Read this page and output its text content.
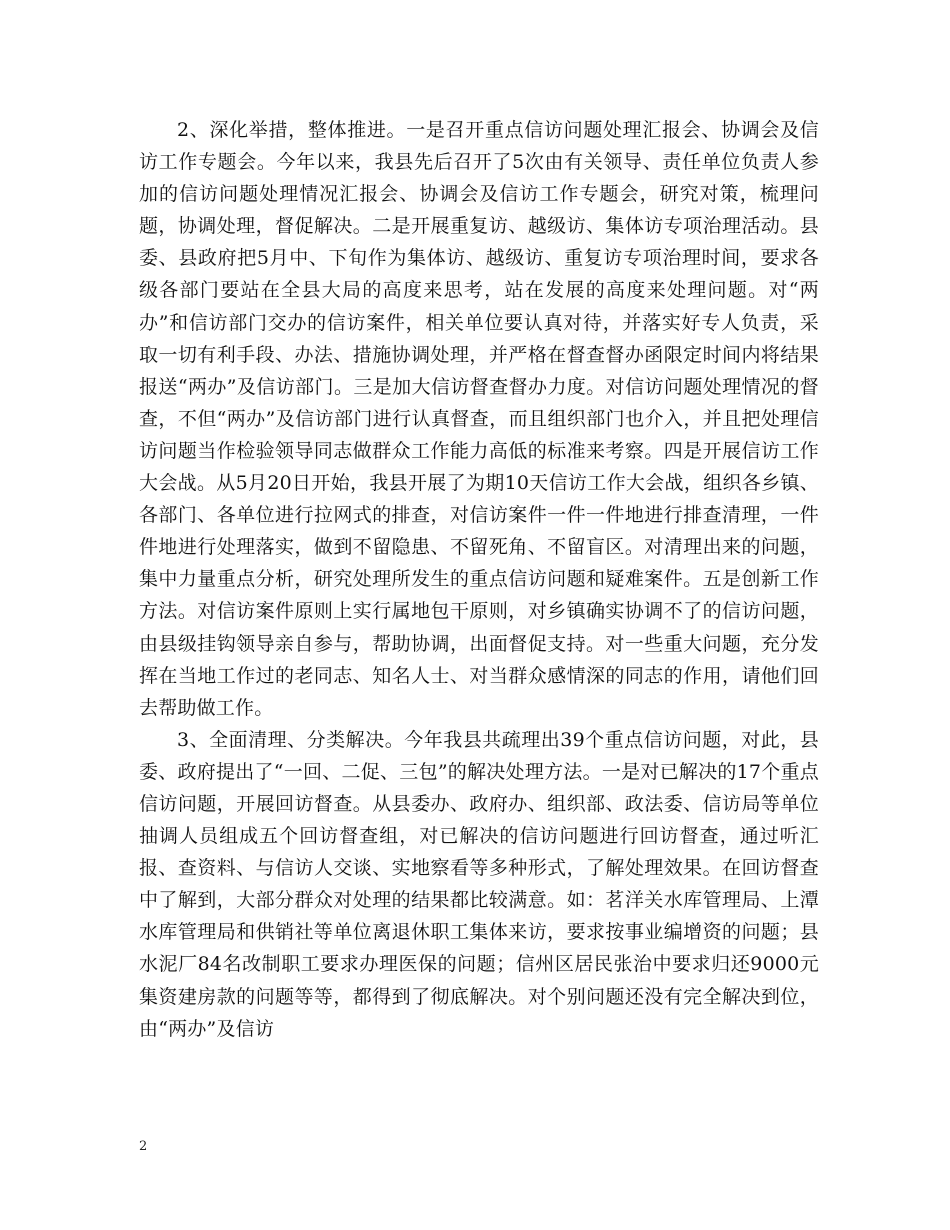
2、深化举措，整体推进。一是召开重点信访问题处理汇报会、协调会及信访工作专题会。今年以来，我县先后召开了5次由有关领导、责任单位负责人参加的信访问题处理情况汇报会、协调会及信访工作专题会，研究对策，梳理问题，协调处理，督促解决。二是开展重复访、越级访、集体访专项治理活动。县委、县政府把5月中、下旬作为集体访、越级访、重复访专项治理时间，要求各级各部门要站在全县大局的高度来思考，站在发展的高度来处理问题。对“两办”和信访部门交办的信访案件，相关单位要认真对待，并落实好专人负责，采取一切有利手段、办法、措施协调处理，并严格在督查督办函限定时间内将结果报送“两办”及信访部门。三是加大信访督查督办力度。对信访问题处理情况的督查，不但“两办”及信访部门进行认真督查，而且组织部门也介入，并且把处理信访问题当作检验领导同志做群众工作能力高低的标准来考察。四是开展信访工作大会战。从5月20日开始，我县开展了为期10天信访工作大会战，组织各乡镇、各部门、各单位进行拉网式的排查，对信访案件一件一件地进行排查清理，一件件地进行处理落实，做到不留隐患、不留死角、不留盲区。对清理出来的问题，集中力量重点分析，研究处理所发生的重点信访问题和疑难案件。五是创新工作方法。对信访案件原则上实行属地包干原则，对乡镇确实协调不了的信访问题，由县级挂钩领导亲自参与，帮助协调，出面督促支持。对一些重大问题，充分发挥在当地工作过的老同志、知名人士、对当群众感情深的同志的作用，请他们回去帮助做工作。

3、全面清理、分类解决。今年我县共疏理出39个重点信访问题，对此，县委、政府提出了“一回、二促、三包”的解决处理方法。一是对已解决的17个重点信访问题，开展回访督查。从县委办、政府办、组织部、政法委、信访局等单位抽调人员组成五个回访督查组，对已解决的信访问题进行回访督查，通过听汇报、查资料、与信访人交谈、实地察看等多种形式，了解处理效果。在回访督查中了解到，大部分群众对处理的结果都比较满意。如：茗洋关水库管理局、上潭水库管理局和供销社等单位离退休职工集体来访，要求按事业编增资的问题；县水泥厂84名改制职工要求办理医保的问题；信州区居民张治中要求归还9000元集资建房款的问题等等，都得到了彻底解决。对个别问题还没有完全解决到位，由“两办”及信访

2
